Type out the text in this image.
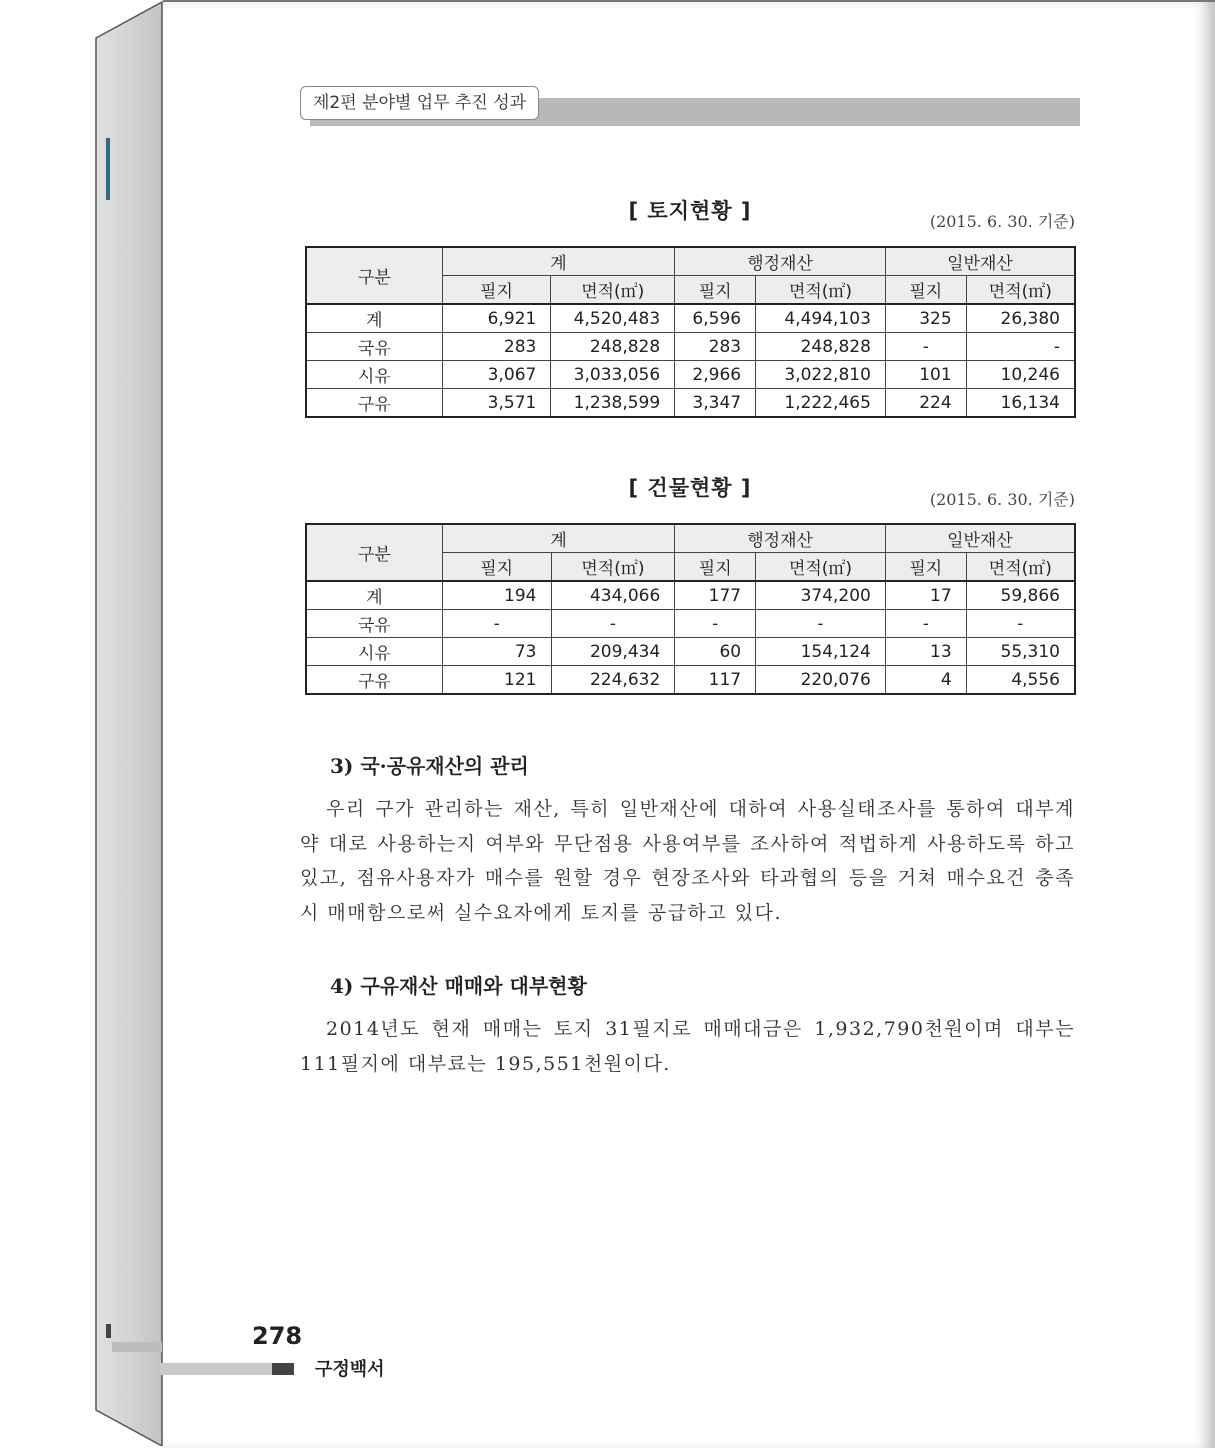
제2편 분야별 업무 추진 성과
[ 토지현황 ]	(2015. 6. 30. 기준)
구분	계		행정재산		일반재산	
	필지	면적(㎡)	필지	면적(㎡)	필지	면적(㎡)
계	6,921	4,520,483	6,596	4,494,103	325	26,380
국유	283	248,828	283	248,828	-	-
시유	3,067	3,033,056	2,966	3,022,810	101	10,246
구유	3,571	1,238,599	3,347	1,222,465	224	16,134
[ 건물현황 ]	(2015. 6. 30. 기준)
구분	계		행정재산		일반재산	
	필지	면적(㎡)	필지	면적(㎡)	필지	면적(㎡)
계	194	434,066	177	374,200	17	59,866
국유	-	-	-	-	-	-
시유	73	209,434	60	154,124	13	55,310
구유	121	224,632	117	220,076	4	4,556
3) 국·공유재산의 관리
우리 구가 관리하는 재산, 특히 일반재산에 대하여 사용실태조사를 통하여 대부계약 대로 사용하는지 여부와 무단점용 사용여부를 조사하여 적법하게 사용하도록 하고 있고, 점유사용자가 매수를 원할 경우 현장조사와 타과협의 등을 거쳐 매수요건 충족 시 매매함으로써 실수요자에게 토지를 공급하고 있다.
4) 구유재산 매매와 대부현황
2014년도 현재 매매는 토지 31필지로 매매대금은 1,932,790천원이며 대부는 111필지에 대부료는 195,551천원이다.
278
구정백서
